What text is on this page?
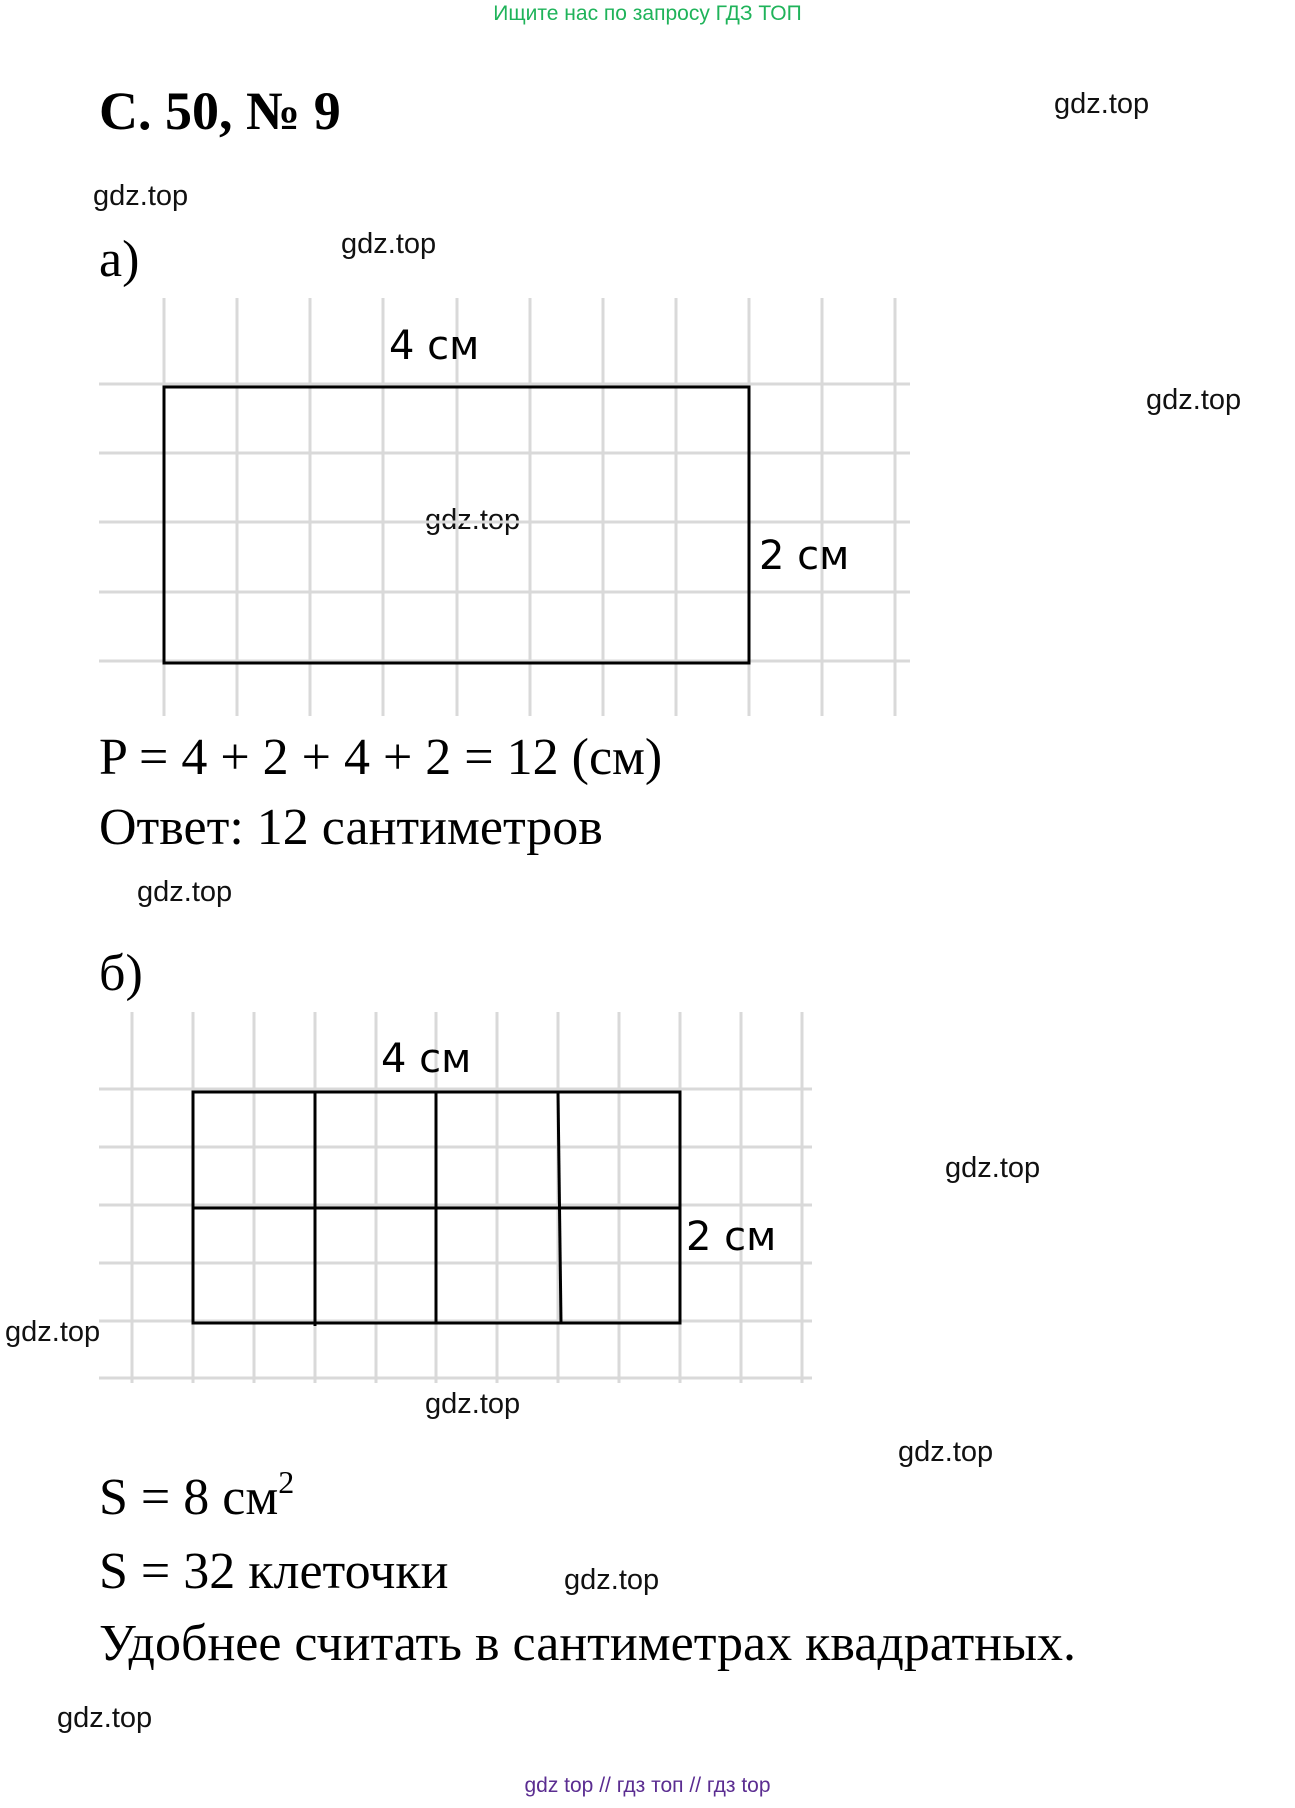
Ищите нас по запросу ГДЗ ТОП
С. 50, № 9	gdz.top
gdz.top
gdz.top
gdz.top
gdz.top
gdz.top
gdz.top
gdz.top
gdz.top
gdz.top
gdz.top
gdz.top
а)
4 см
2 см
P = 4 + 2 + 4 + 2 = 12 (см)
Ответ: 12 сантиметров
б)
4 см
2 см
S = 8 $см^2$
S = 32 клеточки
Удобнее считать в сантиметрах квадратных.
gdz top // гдз топ // гдз top
